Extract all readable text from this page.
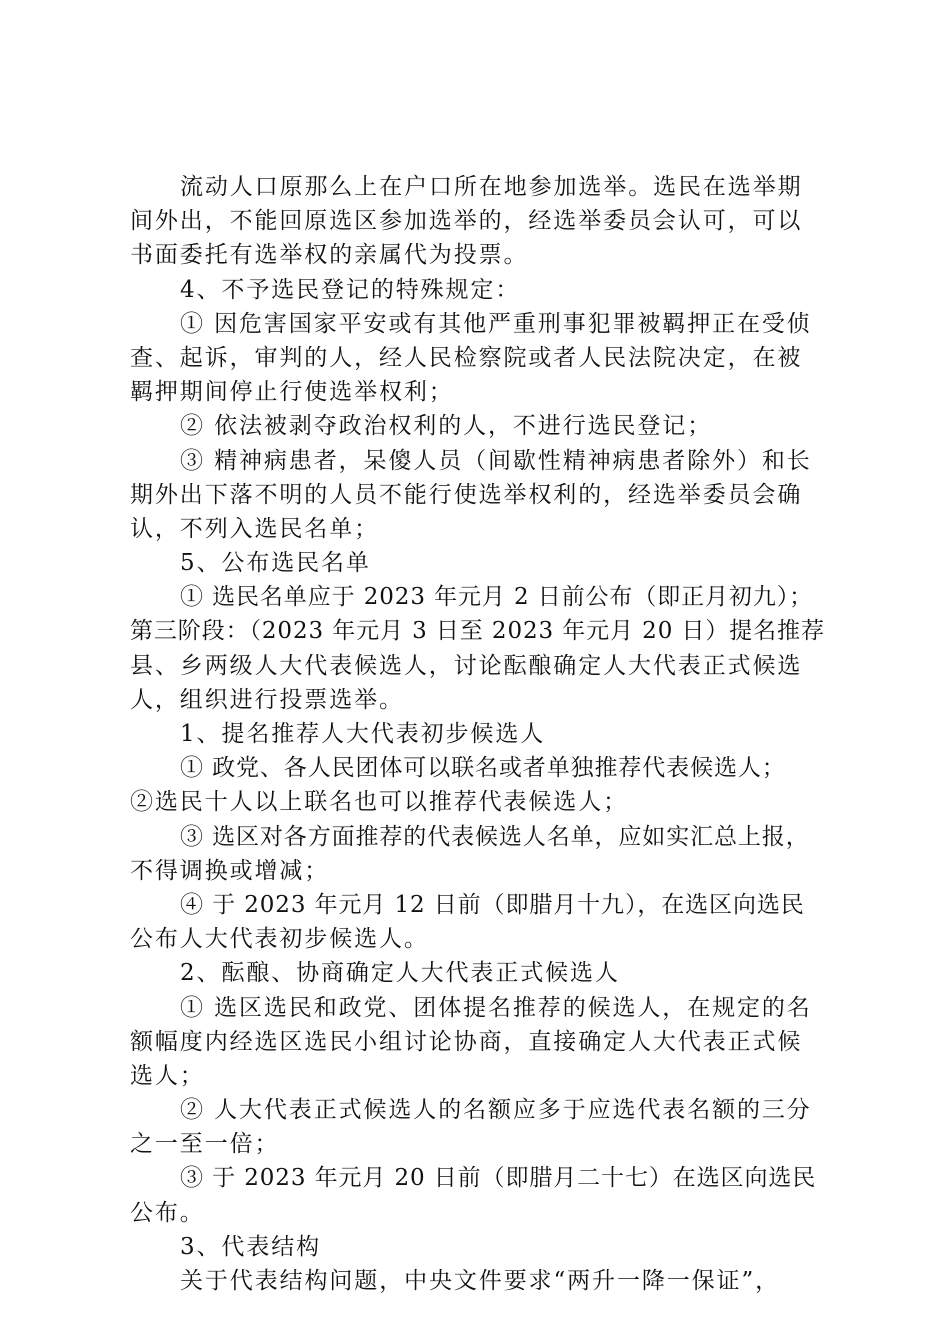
流动人口原那么上在户口所在地参加选举。选民在选举期
间外出，不能回原选区参加选举的，经选举委员会认可，可以
书面委托有选举权的亲属代为投票。
4、不予选民登记的特殊规定：
① 因危害国家平安或有其他严重刑事犯罪被羁押正在受侦
查、起诉，审判的人，经人民检察院或者人民法院决定，在被
羁押期间停止行使选举权利；
② 依法被剥夺政治权利的人，不进行选民登记；
③ 精神病患者，呆傻人员（间歇性精神病患者除外）和长
期外出下落不明的人员不能行使选举权利的，经选举委员会确
认，不列入选民名单；
5、公布选民名单
① 选民名单应于 2023 年元月 2 日前公布（即正月初九）；
第三阶段：（2023 年元月 3 日至 2023 年元月 20 日）提名推荐
县、乡两级人大代表候选人，讨论酝酿确定人大代表正式候选
人，组织进行投票选举。
1、提名推荐人大代表初步候选人
① 政党、各人民团体可以联名或者单独推荐代表候选人；
②选民十人以上联名也可以推荐代表候选人；
③ 选区对各方面推荐的代表候选人名单，应如实汇总上报，
不得调换或增减；
④ 于 2023 年元月 12 日前（即腊月十九），在选区向选民
公布人大代表初步候选人。
2、酝酿、协商确定人大代表正式候选人
① 选区选民和政党、团体提名推荐的候选人，在规定的名
额幅度内经选区选民小组讨论协商，直接确定人大代表正式候
选人；
② 人大代表正式候选人的名额应多于应选代表名额的三分
之一至一倍；
③ 于 2023 年元月 20 日前（即腊月二十七）在选区向选民
公布。
3、代表结构
关于代表结构问题，中央文件要求“两升一降一保证”，
